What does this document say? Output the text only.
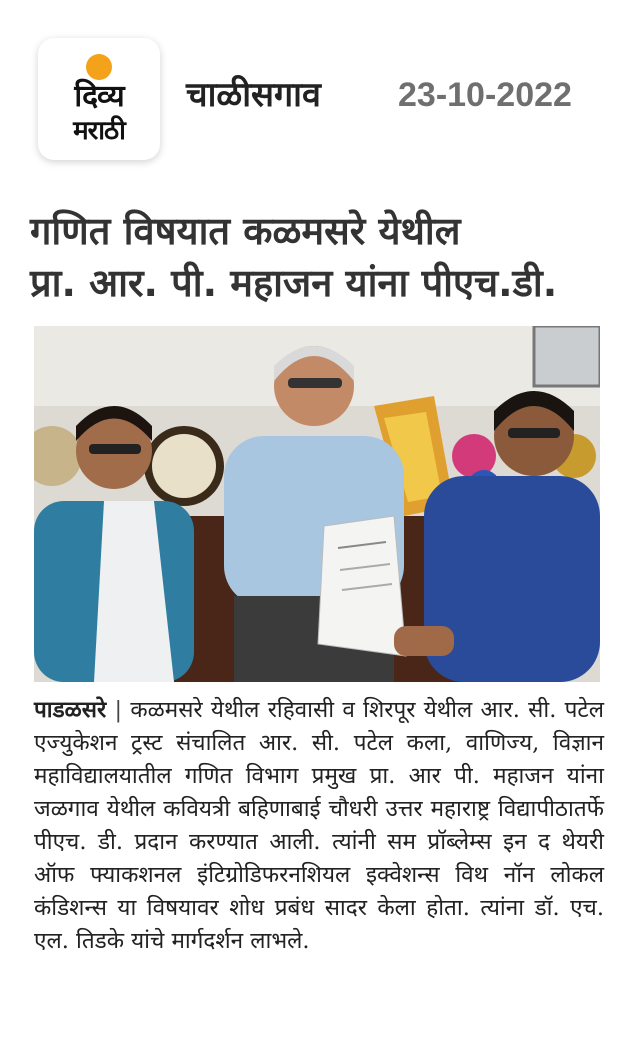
दिव्य
मराठी
चाळीसगाव 23-10-2022
गणित विषयात कळमसरे येथील
प्रा. आर. पी. महाजन यांना पीएच.डी.
पाडळसरे | कळमसरे येथील रहिवासी व शिरपूर येथील आर. सी. पटेल एज्युकेशन ट्रस्ट संचालित आर. सी. पटेल कला, वाणिज्य, विज्ञान महाविद्यालयातील गणित विभाग प्रमुख प्रा. आर पी. महाजन यांना जळगाव येथील कवियत्री बहिणाबाई चौधरी उत्तर महाराष्ट्र विद्यापीठातर्फे पीएच. डी. प्रदान करण्यात आली. त्यांनी सम प्रॉब्लेम्स इन द थेयरी ऑफ फ्याकशनल इंटिग्रोडिफरनशियल इक्वेशन्स विथ नॉन लोकल कंडिशन्स या विषयावर शोध प्रबंध सादर केला होता. त्यांना डॉ. एच. एल. तिडके यांचे मार्गदर्शन लाभले.
